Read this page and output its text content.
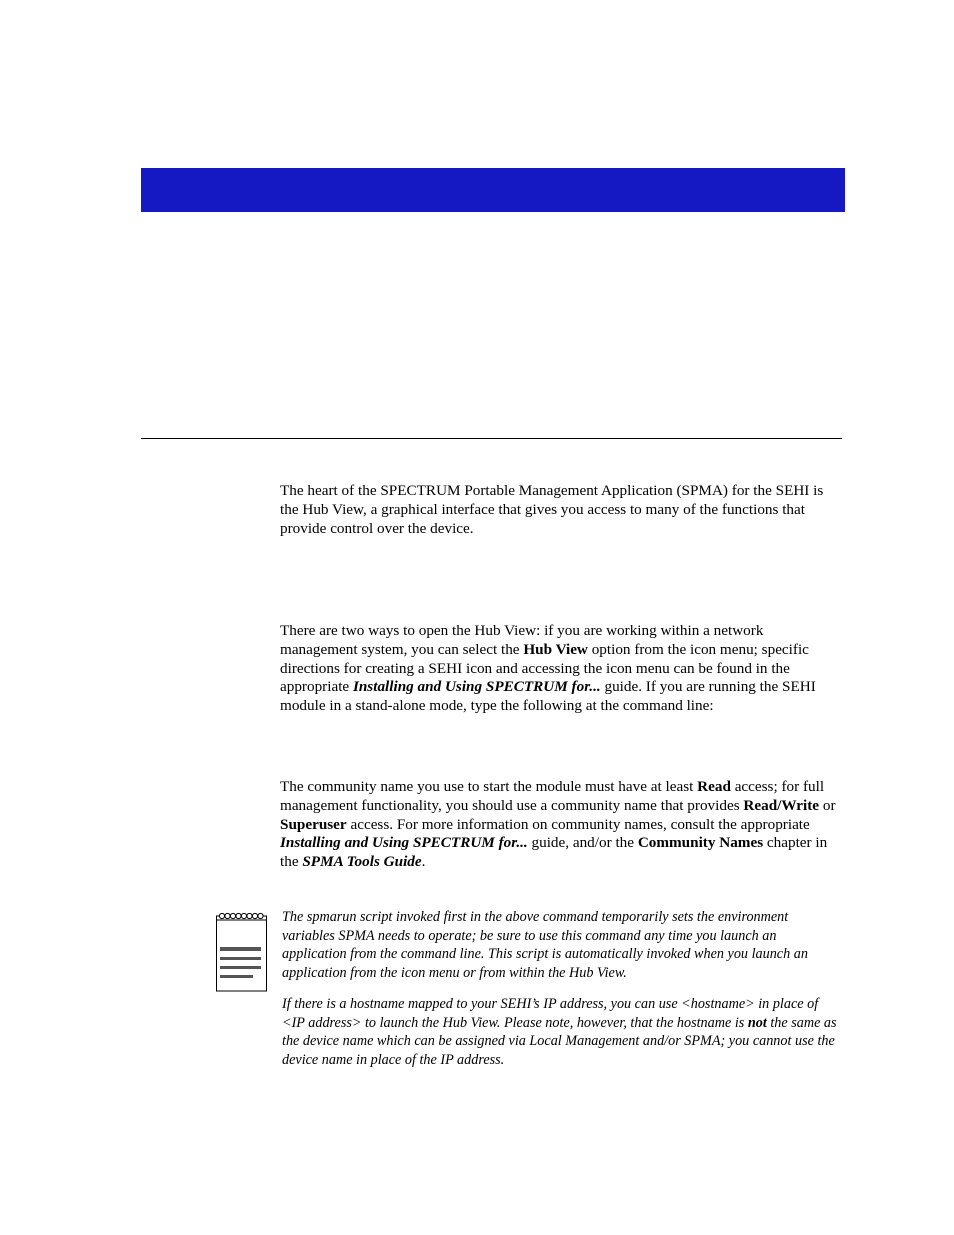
The heart of the SPECTRUM Portable Management Application (SPMA) for the SEHI is the Hub View, a graphical interface that gives you access to many of the functions that provide control over the device.

There are two ways to open the Hub View: if you are working within a network management system, you can select the Hub View option from the icon menu; specific directions for creating a SEHI icon and accessing the icon menu can be found in the appropriate Installing and Using SPECTRUM for... guide. If you are running the SEHI module in a stand-alone mode, type the following at the command line:

The community name you use to start the module must have at least Read access; for full management functionality, you should use a community name that provides Read/Write or Superuser access. For more information on community names, consult the appropriate Installing and Using SPECTRUM for... guide, and/or the Community Names chapter in the SPMA Tools Guide.

The spmarun script invoked first in the above command temporarily sets the environment variables SPMA needs to operate; be sure to use this command any time you launch an application from the command line. This script is automatically invoked when you launch an application from the icon menu or from within the Hub View.

If there is a hostname mapped to your SEHI’s IP address, you can use <hostname> in place of <IP address> to launch the Hub View. Please note, however, that the hostname is not the same as the device name which can be assigned via Local Management and/or SPMA; you cannot use the device name in place of the IP address.
